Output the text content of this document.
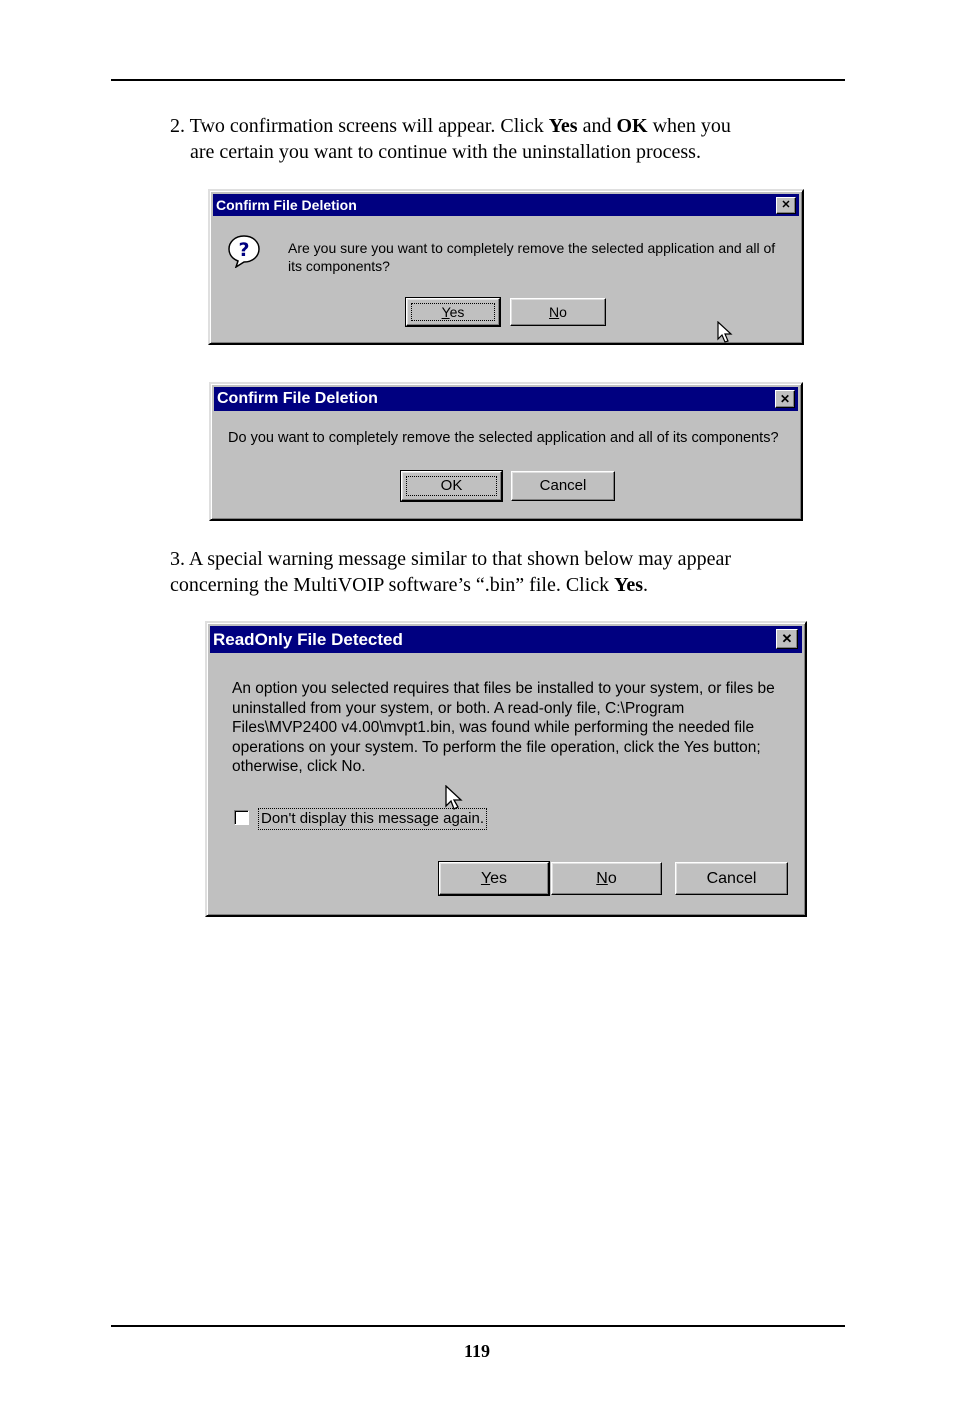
2. Two confirmation screens will appear. Click Yes and OK when you
are certain you want to continue with the uninstallation process.
Confirm File Deletion	✕
?	Are you sure you want to completely remove the selected application and all of its components?
Yes	No
Confirm File Deletion	✕
Do you want to completely remove the selected application and all of its components?
OK	Cancel
3. A special warning message similar to that shown below may appear
concerning the MultiVOIP software’s “.bin” file. Click Yes.
ReadOnly File Detected	✕
An option you selected requires that files be installed to your system, or files be
uninstalled from your system, or both. A read-only file, C:\Program
Files\MVP2400 v4.00\mvpt1.bin, was found while performing the needed file
operations on your system. To perform the file operation, click the Yes button;
otherwise, click No.
Don't display this message again.
Yes	No	Cancel
119
